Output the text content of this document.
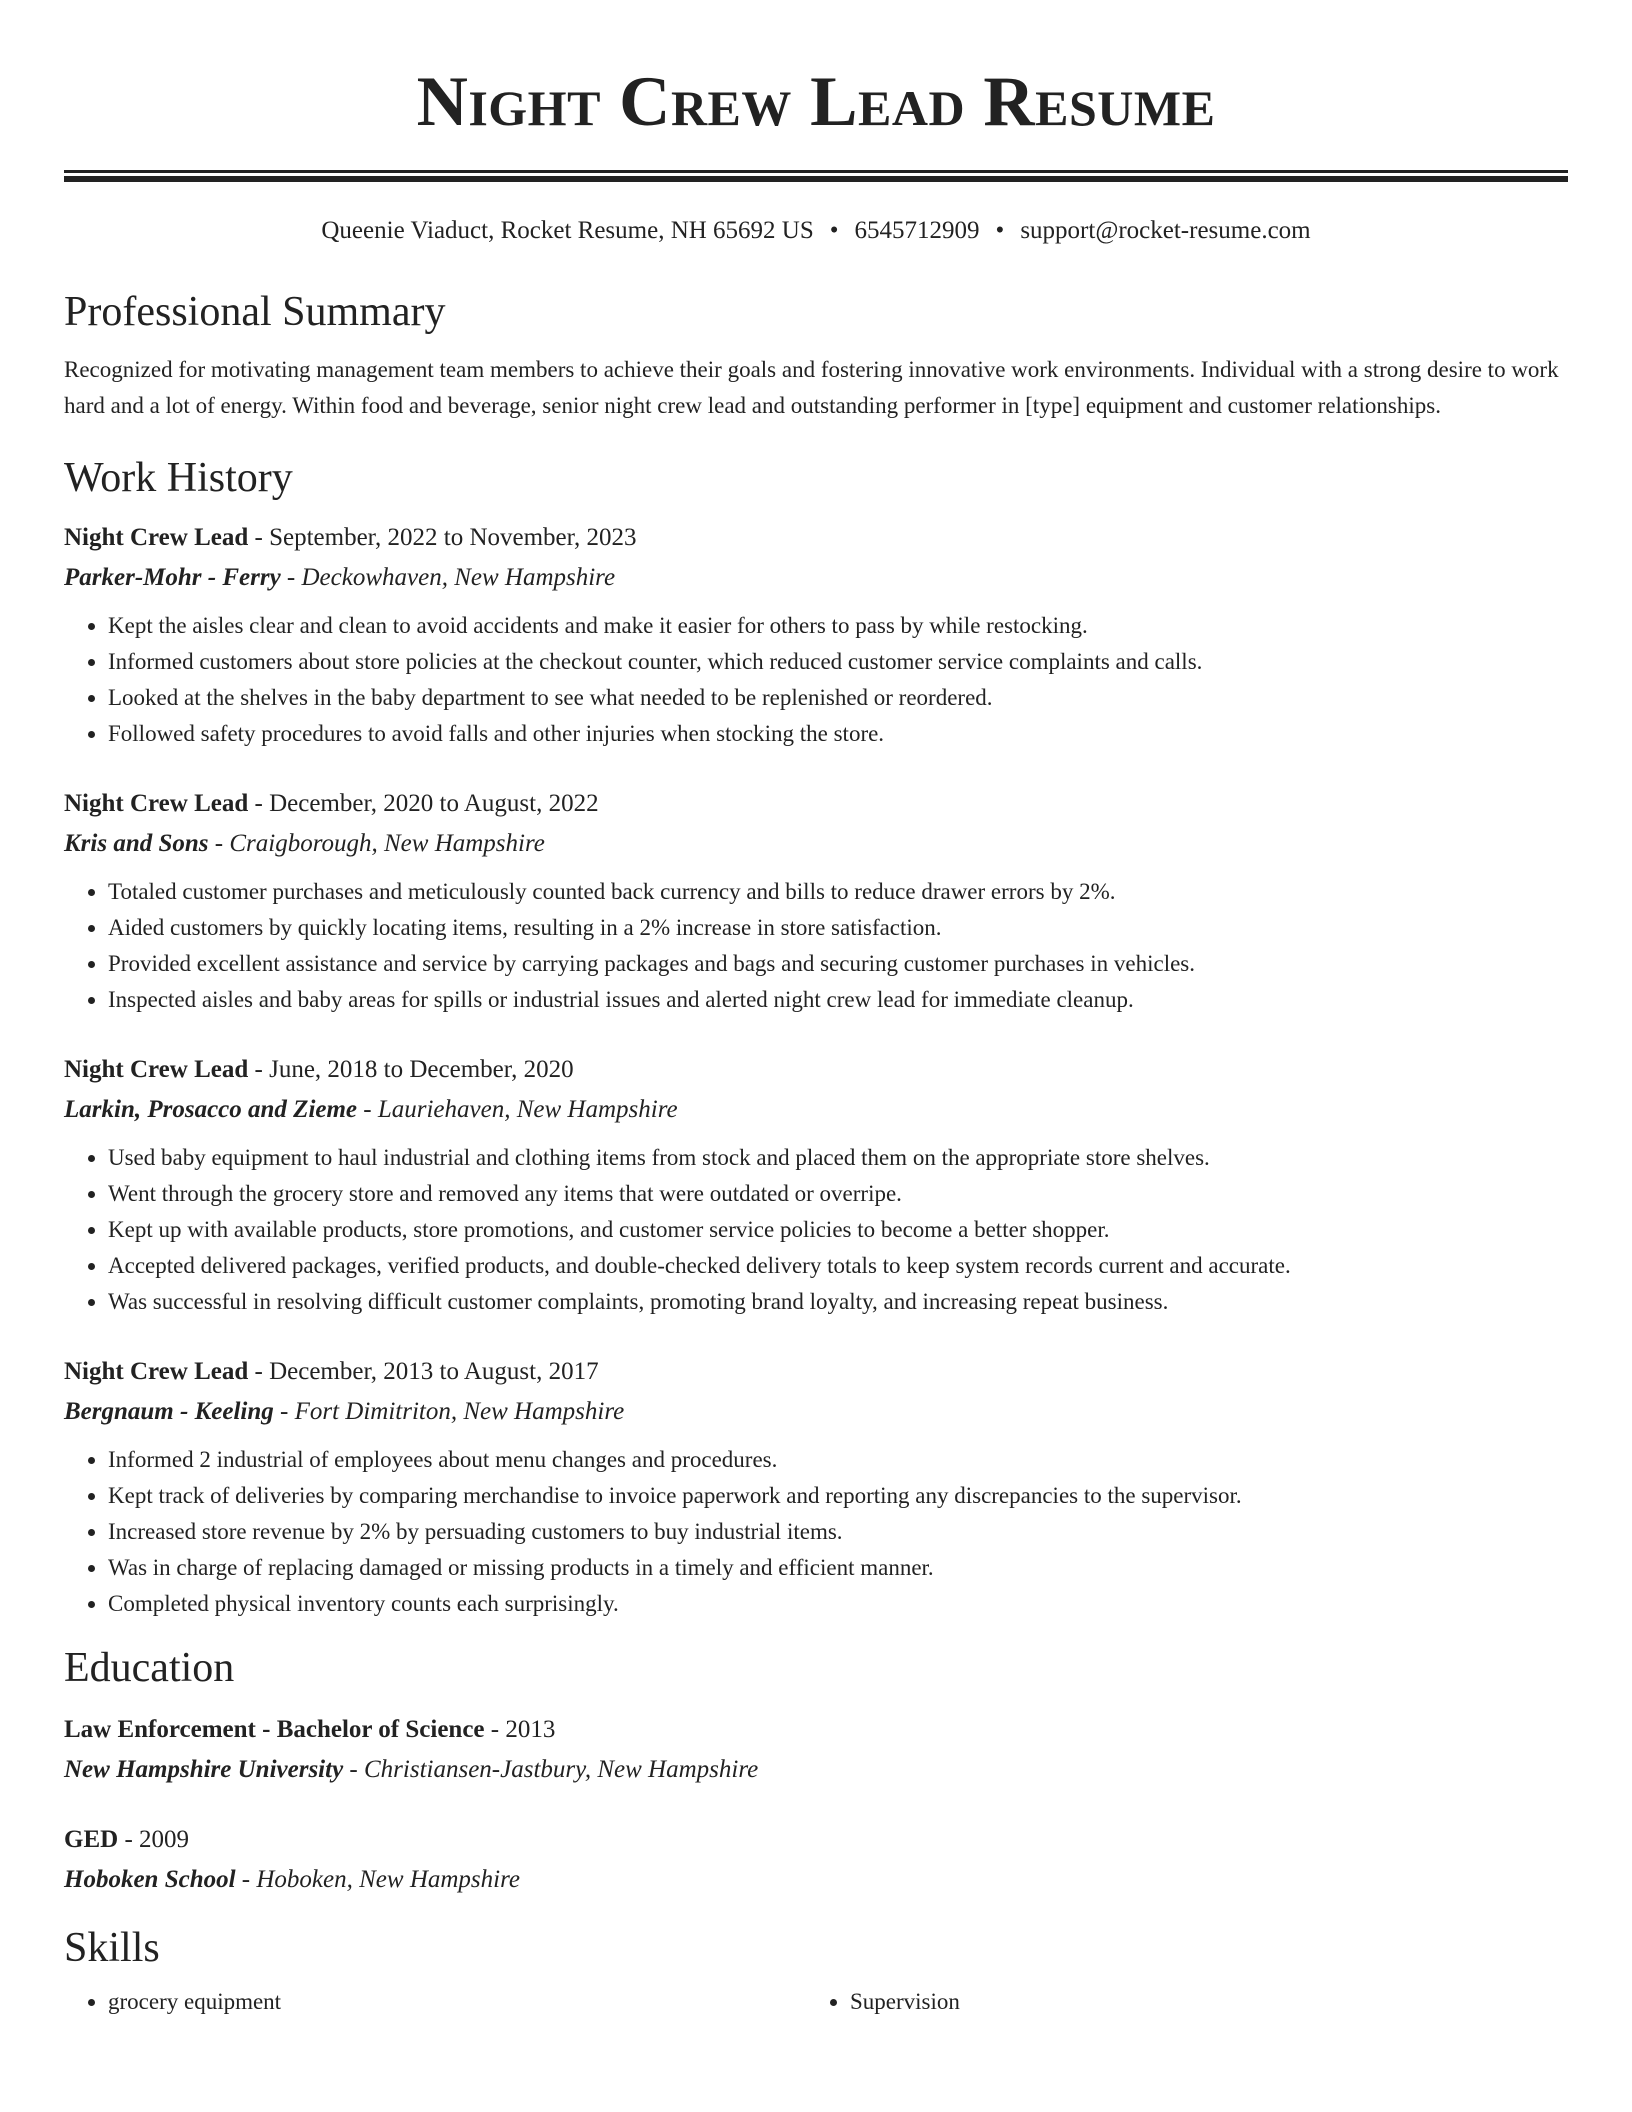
Night Crew Lead Resume
Queenie Viaduct, Rocket Resume, NH 65692 US • 6545712909 • support@rocket-resume.com
Professional Summary

Recognized for motivating management team members to achieve their goals and fostering innovative work environments. Individual with a strong desire to work hard and a lot of energy. Within food and beverage, senior night crew lead and outstanding performer in [type] equipment and customer relationships.

Work History
Night Crew Lead - September, 2022 to November, 2023
Parker-Mohr - Ferry - Deckowhaven, New Hampshire
• Kept the aisles clear and clean to avoid accidents and make it easier for others to pass by while restocking.
• Informed customers about store policies at the checkout counter, which reduced customer service complaints and calls.
• Looked at the shelves in the baby department to see what needed to be replenished or reordered.
• Followed safety procedures to avoid falls and other injuries when stocking the store.
Night Crew Lead - December, 2020 to August, 2022
Kris and Sons - Craigborough, New Hampshire
• Totaled customer purchases and meticulously counted back currency and bills to reduce drawer errors by 2%.
• Aided customers by quickly locating items, resulting in a 2% increase in store satisfaction.
• Provided excellent assistance and service by carrying packages and bags and securing customer purchases in vehicles.
• Inspected aisles and baby areas for spills or industrial issues and alerted night crew lead for immediate cleanup.
Night Crew Lead - June, 2018 to December, 2020
Larkin, Prosacco and Zieme - Lauriehaven, New Hampshire
• Used baby equipment to haul industrial and clothing items from stock and placed them on the appropriate store shelves.
• Went through the grocery store and removed any items that were outdated or overripe.
• Kept up with available products, store promotions, and customer service policies to become a better shopper.
• Accepted delivered packages, verified products, and double-checked delivery totals to keep system records current and accurate.
• Was successful in resolving difficult customer complaints, promoting brand loyalty, and increasing repeat business.
Night Crew Lead - December, 2013 to August, 2017
Bergnaum - Keeling - Fort Dimitriton, New Hampshire
• Informed 2 industrial of employees about menu changes and procedures.
• Kept track of deliveries by comparing merchandise to invoice paperwork and reporting any discrepancies to the supervisor.
• Increased store revenue by 2% by persuading customers to buy industrial items.
• Was in charge of replacing damaged or missing products in a timely and efficient manner.
• Completed physical inventory counts each surprisingly.
Education
Law Enforcement - Bachelor of Science - 2013
New Hampshire University - Christiansen-Jastbury, New Hampshire
GED - 2009
Hoboken School - Hoboken, New Hampshire
Skills
• grocery equipment
•	Supervision
